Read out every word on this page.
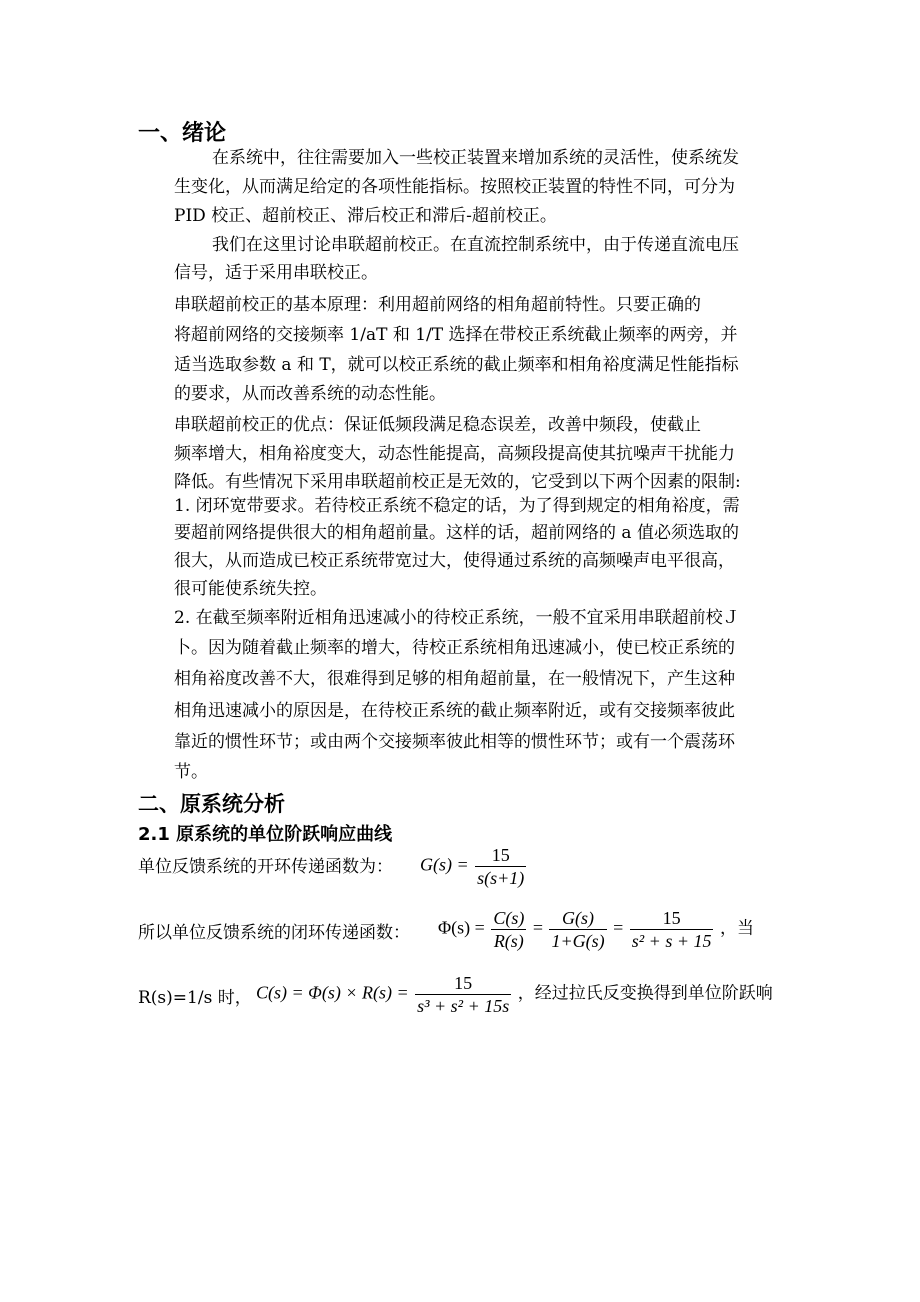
一、绪论
在系统中，往往需要加入一些校正装置来增加系统的灵活性，使系统发
生变化，从而满足给定的各项性能指标。按照校正装置的特性不同，可分为
PID 校正、超前校正、滞后校正和滞后-超前校正。
我们在这里讨论串联超前校正。在直流控制系统中，由于传递直流电压
信号，适于采用串联校正。
串联超前校正的基本原理：利用超前网络的相角超前特性。只要正确的
将超前网络的交接频率 1/aT 和 1/T 选择在带校正系统截止频率的两旁，并
适当选取参数 a 和 T，就可以校正系统的截止频率和相角裕度满足性能指标
的要求，从而改善系统的动态性能。
串联超前校正的优点：保证低频段满足稳态误差，改善中频段，使截止
频率增大，相角裕度变大，动态性能提高，高频段提高使其抗噪声干扰能力
降低。有些情况下采用串联超前校正是无效的，它受到以下两个因素的限制:
1. 闭环宽带要求。若待校正系统不稳定的话，为了得到规定的相角裕度，需
要超前网络提供很大的相角超前量。这样的话，超前网络的 a 值必须选取的
很大，从而造成已校正系统带宽过大，使得通过系统的高频噪声电平很高，
很可能使系统失控。
2. 在截至频率附近相角迅速减小的待校正系统，一般不宜采用串联超前校Ｊ
卜。因为随着截止频率的增大，待校正系统相角迅速减小，使已校正系统的
相角裕度改善不大，很难得到足够的相角超前量，在一般情况下，产生这种
相角迅速减小的原因是，在待校正系统的截止频率附近，或有交接频率彼此
靠近的惯性环节；或由两个交接频率彼此相等的惯性环节；或有一个震荡环
节。
二、原系统分析
2.1 原系统的单位阶跃响应曲线
单位反馈系统的开环传递函数为： $G(s) = \frac{15}{s(s+1)}$
所以单位反馈系统的闭环传递函数： $\Phi(s) = \frac{C(s)}{R(s)} = \frac{G(s)}{1+G(s)} = \frac{15}{\text{s² + s + 15}}$ ，当
R(s)=1/s 时， $C(s) = \Phi(s) \times R(s) = \frac{15}{\text{s³ + s² + 15s}}$ ，经过拉氏反变换得到单位阶跃响
